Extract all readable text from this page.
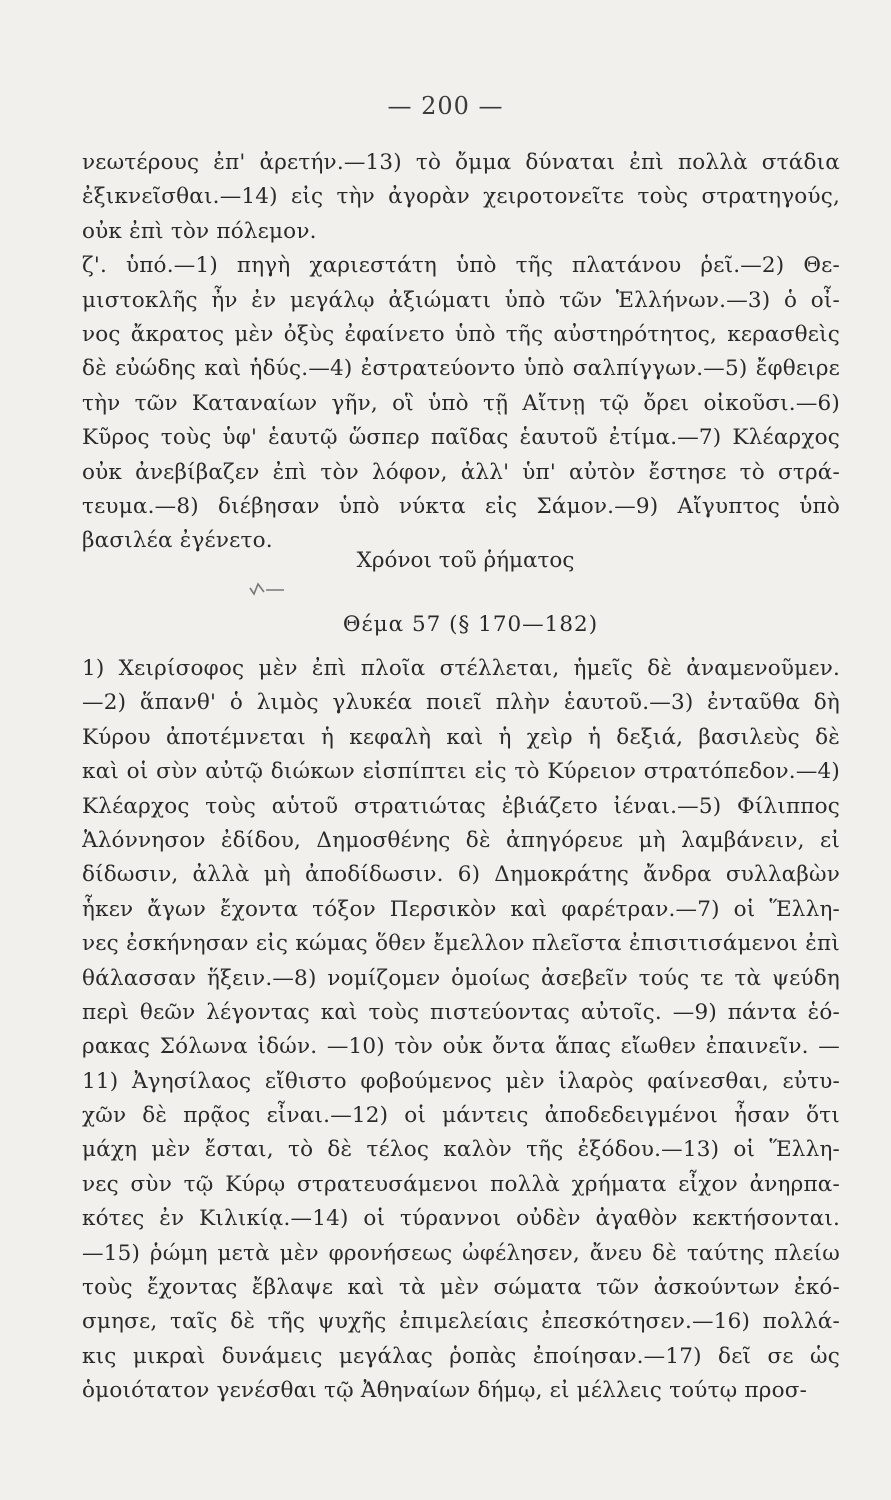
— 200 —
νεωτέρους ἐπ' ἀρετήν.—13) τὸ ὄμμα δύναται ἐπὶ πολλὰ στάδια
ἐξικνεῖσθαι.—14) εἰς τὴν ἀγορὰν χειροτονεῖτε τοὺς στρατηγούς,
οὐκ ἐπὶ τὸν πόλεμον.
ζ'. ὑπό.—1) πηγὴ χαριεστάτη ὑπὸ τῆς πλατάνου ῥεῖ.—2) Θε-
μιστοκλῆς ἦν ἐν μεγάλῳ ἀξιώματι ὑπὸ τῶν Ἑλλήνων.—3) ὁ οἶ-
νος ἄκρατος μὲν ὀξὺς ἐφαίνετο ὑπὸ τῆς αὐστηρότητος, κερασθεὶς
δὲ εὐώδης καὶ ἡδύς.—4) ἐστρατεύοντο ὑπὸ σαλπίγγων.—5) ἔφθειρε
τὴν τῶν Καταναίων γῆν, οἳ ὑπὸ τῇ Αἴτνῃ τῷ ὄρει οἰκοῦσι.—6)
Κῦρος τοὺς ὑφ' ἑαυτῷ ὥσπερ παῖδας ἑαυτοῦ ἐτίμα.—7) Κλέαρχος
οὐκ ἀνεβίβαζεν ἐπὶ τὸν λόφον, ἀλλ' ὑπ' αὐτὸν ἔστησε τὸ στρά-
τευμα.—8) διέβησαν ὑπὸ νύκτα εἰς Σάμον.—9) Αἴγυπτος ὑπὸ
βασιλέα ἐγένετο.
Χρόνοι τοῦ ῥήματος
Θέμα 57 (§ 170—182)
1) Χειρίσοφος μὲν ἐπὶ πλοῖα στέλλεται, ἡμεῖς δὲ ἀναμενοῦμεν.
—2) ἅπανθ' ὁ λιμὸς γλυκέα ποιεῖ πλὴν ἑαυτοῦ.—3) ἐνταῦθα δὴ
Κύρου ἀποτέμνεται ἡ κεφαλὴ καὶ ἡ χεὶρ ἡ δεξιά, βασιλεὺς δὲ
καὶ οἱ σὺν αὐτῷ διώκων εἰσπίπτει εἰς τὸ Κύρειον στρατόπεδον.—4)
Κλέαρχος τοὺς αὑτοῦ στρατιώτας ἐβιάζετο ἰέναι.—5) Φίλιππος
Ἁλόννησον ἐδίδου, Δημοσθένης δὲ ἀπηγόρευε μὴ λαμβάνειν, εἰ
δίδωσιν, ἀλλὰ μὴ ἀποδίδωσιν. 6) Δημοκράτης ἄνδρα συλλαβὼν
ἧκεν ἄγων ἔχοντα τόξον Περσικὸν καὶ φαρέτραν.—7) οἱ Ἕλλη-
νες ἐσκήνησαν εἰς κώμας ὅθεν ἔμελλον πλεῖστα ἐπισιτισάμενοι ἐπὶ
θάλασσαν ἥξειν.—8) νομίζομεν ὁμοίως ἀσεβεῖν τούς τε τὰ ψεύδη
περὶ θεῶν λέγοντας καὶ τοὺς πιστεύοντας αὐτοῖς. —9) πάντα ἑό-
ρακας Σόλωνα ἰδών. —10) τὸν οὐκ ὄντα ἅπας εἴωθεν ἐπαινεῖν. —
11) Ἀγησίλαος εἴθιστο φοβούμενος μὲν ἱλαρὸς φαίνεσθαι, εὐτυ-
χῶν δὲ πρᾷος εἶναι.—12) οἱ μάντεις ἀποδεδειγμένοι ἦσαν ὅτι
μάχη μὲν ἔσται, τὸ δὲ τέλος καλὸν τῆς ἐξόδου.—13) οἱ Ἕλλη-
νες σὺν τῷ Κύρῳ στρατευσάμενοι πολλὰ χρήματα εἶχον ἀνηρπα-
κότες ἐν Κιλικίᾳ.—14) οἱ τύραννοι οὐδὲν ἀγαθὸν κεκτήσονται.
—15) ῥώμη μετὰ μὲν φρονήσεως ὠφέλησεν, ἄνευ δὲ ταύτης πλείω
τοὺς ἔχοντας ἔβλαψε καὶ τὰ μὲν σώματα τῶν ἀσκούντων ἐκό-
σμησε, ταῖς δὲ τῆς ψυχῆς ἐπιμελείαις ἐπεσκότησεν.—16) πολλά-
κις μικραὶ δυνάμεις μεγάλας ῥοπὰς ἐποίησαν.—17) δεῖ σε ὡς
ὁμοιότατον γενέσθαι τῷ Ἀθηναίων δήμῳ, εἰ μέλλεις τούτῳ προσ-
